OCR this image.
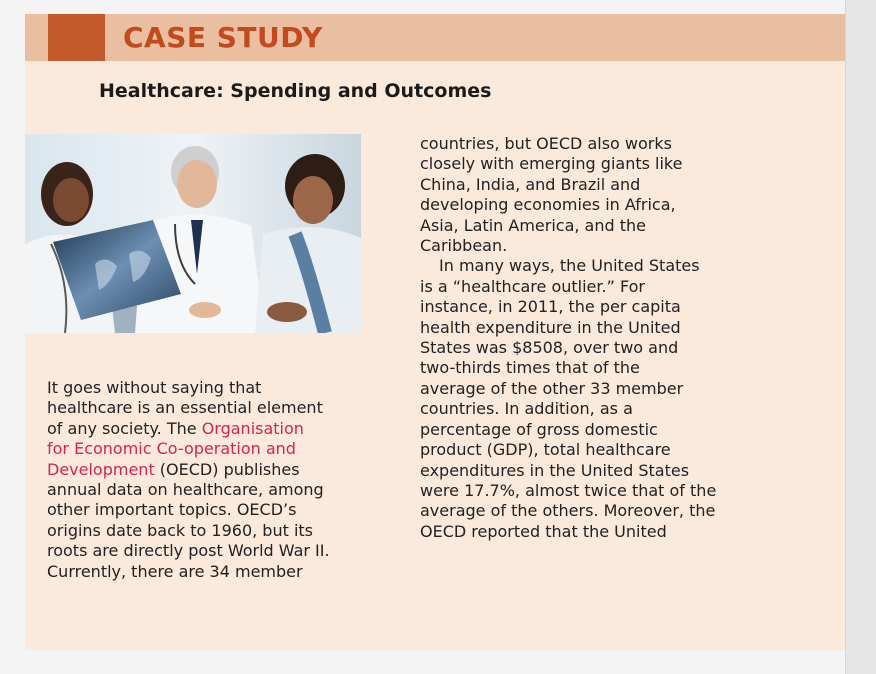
CASE STUDY
Healthcare: Spending and Outcomes
It goes without saying that
healthcare is an essential element
of any society. The Organisation
for Economic Co-operation and
Development (OECD) publishes
annual data on healthcare, among
other important topics. OECD’s
origins date back to 1960, but its
roots are directly post World War II.
Currently, there are 34 member
countries, but OECD also works
closely with emerging giants like
China, India, and Brazil and
developing economies in Africa,
Asia, Latin America, and the
Caribbean.
In many ways, the United States
is a “healthcare outlier.” For
instance, in 2011, the per capita
health expenditure in the United
States was $8508, over two and
two-thirds times that of the
average of the other 33 member
countries. In addition, as a
percentage of gross domestic
product (GDP), total healthcare
expenditures in the United States
were 17.7%, almost twice that of the
average of the others. Moreover, the
OECD reported that the United
